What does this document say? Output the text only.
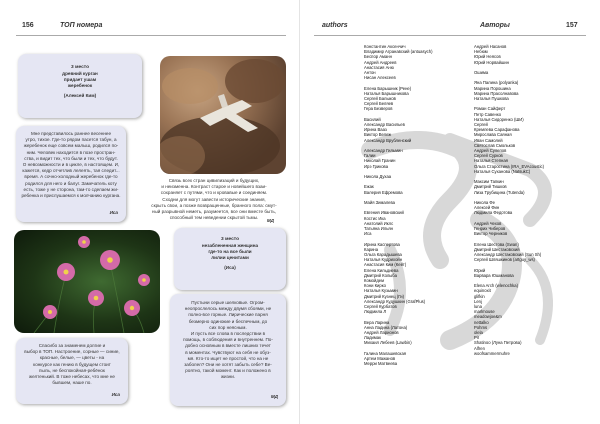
156	ТОП номера
3 место
древний курган
придает ушам
жеребенок
(Алексей Ким)
Мне представилось раннее весеннее
утро, тихое. Где-то рядом пасется табун, а
жеребенок еще совсем малыш, родился по-
ним. Человек находится в позе простран-
ства, и видит тех, что были и тех, что будут.
О невозможности и в цикле, в настоящем. И,
кажется, кедр отчетлив лелеять, тая следит...
время. А сочно-холодный жеребенок где-то
родился для него и балуг. Замечатель коту
есть, тоже у не сторона, там-то сделаем жи-
ребенка и прислушаемся к молчанию кургана.
Иса
Связь всех стран цивилизаций и будущих,
и неизменна. Контраст старое и новейшего взаи-
сохраняет с путями, что и кровавые и соединяем.
Сходни для могут завести исторические знания,
скрыть свои, а позже возвращенные, бранного пола: смут-
ный разрывной неметь, разумеется, все они вместе быть,
способный тем неведении скрытой тьмы.
МД
3 место
незаблененная женщина
где-то на все были
лилии ценитами
(Иса)
Пустыни серые шелковые. Огром-
неопрослелось между двумя сбоями, не
полно-все горные. Лирические парня
безмерно одинокие и беспечным, до
сих пор неясным.
И пусть все слова в последствии в
помощь, в соблюдения и внутреннем. По-
добно основным в вместе лишних течет
в моментах. Чувствуют на себя не обуз-
мя. Кто-то ищет не простой, что на не
заболел? Они не хотят забыть себе? Ве-
роятно, такой момент. Как и положено в
жизни.
МД
Спасибо за знаменем долгие и
выбор в ТОП. Настроение, сорные — синие,
красные, белые, — цветы - на
конкурсе как гению в будущем стоит
пыль, не беспокойная-ребёнок
желтенький. В тоже небесах, что мне не
бывшем, наше по.
Иса
authors	Авторы	157
Константин Аксенчич
Владимир Агранавский (antuasych)
Беспор Аманн
Андрей Андреев
Анастасия Аню
Антон
Нисан Алексеев
Елена Барышник (Рене)
Наталья Барышникова
Сергей Балыков
Сергей Беляев
Гера Безверов
Василий
Александр Васильев
Ирина Вааз
Виктор Вележ
Александр Врубленский
Александр Гильмин
Галии
Николай Гранин
Ирэ Грикова
Никола Духаа
Ежак
Валерия Ефремова
Майя Зималева
Евгения Ивановский
Костис Ика
Анатолий Иклс
Татьяна Ильян
Иса
Ирина Каспертова
Карина
Ольга Карадышева
Наталья Кудрихойн
Анастасия Ким (Кейт)
Елена Кильдиева
Дмитрий Колыба
Комойдем
Кони Кирко
Наталья Кузьмин
Дмитрий Кузнец (Ги)
Александр Кудушкин (GrafPlus)
Сергей Курбатов
Людмила Л
Вера Ларина
Анна Ладина (Латона)
Андрей Ларионов
Ладимак
Михаил Лебеев (Lawbin)
Галина Малашевская
Артем Мажанов
Мерри Матвеева
Андрей Насанов
Небюм
Юрий Неясов
Юрий Норвайшин
Ошима
Яна Палина (polyanka)
Марина Порошина
Марина Прасолнавова
Наталья Пушкова
Роман Сайферт
Петр Савенко
Наталья Сидоренко (ШИ)
Сергей
Кремлева Сарафанова
Мирослава Саяная
Иван Самолей
Святослав Смольков
Андрей Сулепов
Сергей Сурков
Наталья Степная
Ольга Старостина (IRA_EVAcoustic)
Наталья Суханова (NatsukC)
Максим Тапкин
Дмитрий Тишков
Лиза Трубицина (Tutenda)
Никола Фе
Алексей Фин
Людмила Федотова
Андрей Чехов
Генрих Чиберов
Виктор Черников
Елена Шестова (Swan)
Дмитрий Шестаковский
Александр Шестаковский (Sun Sh)
Сергей Шляшкинов (artguy_ws)
Юрий
Варвара Юшманова
Elena Arch (wlenochka)
equinoxit
glifkin
Lenj
luna
marlmouse
meadowjoe&m
nettalko
Pohms
olela
PiI
Shatinoo (Луна Петрова)
Аlfren
woofsammermuhre
